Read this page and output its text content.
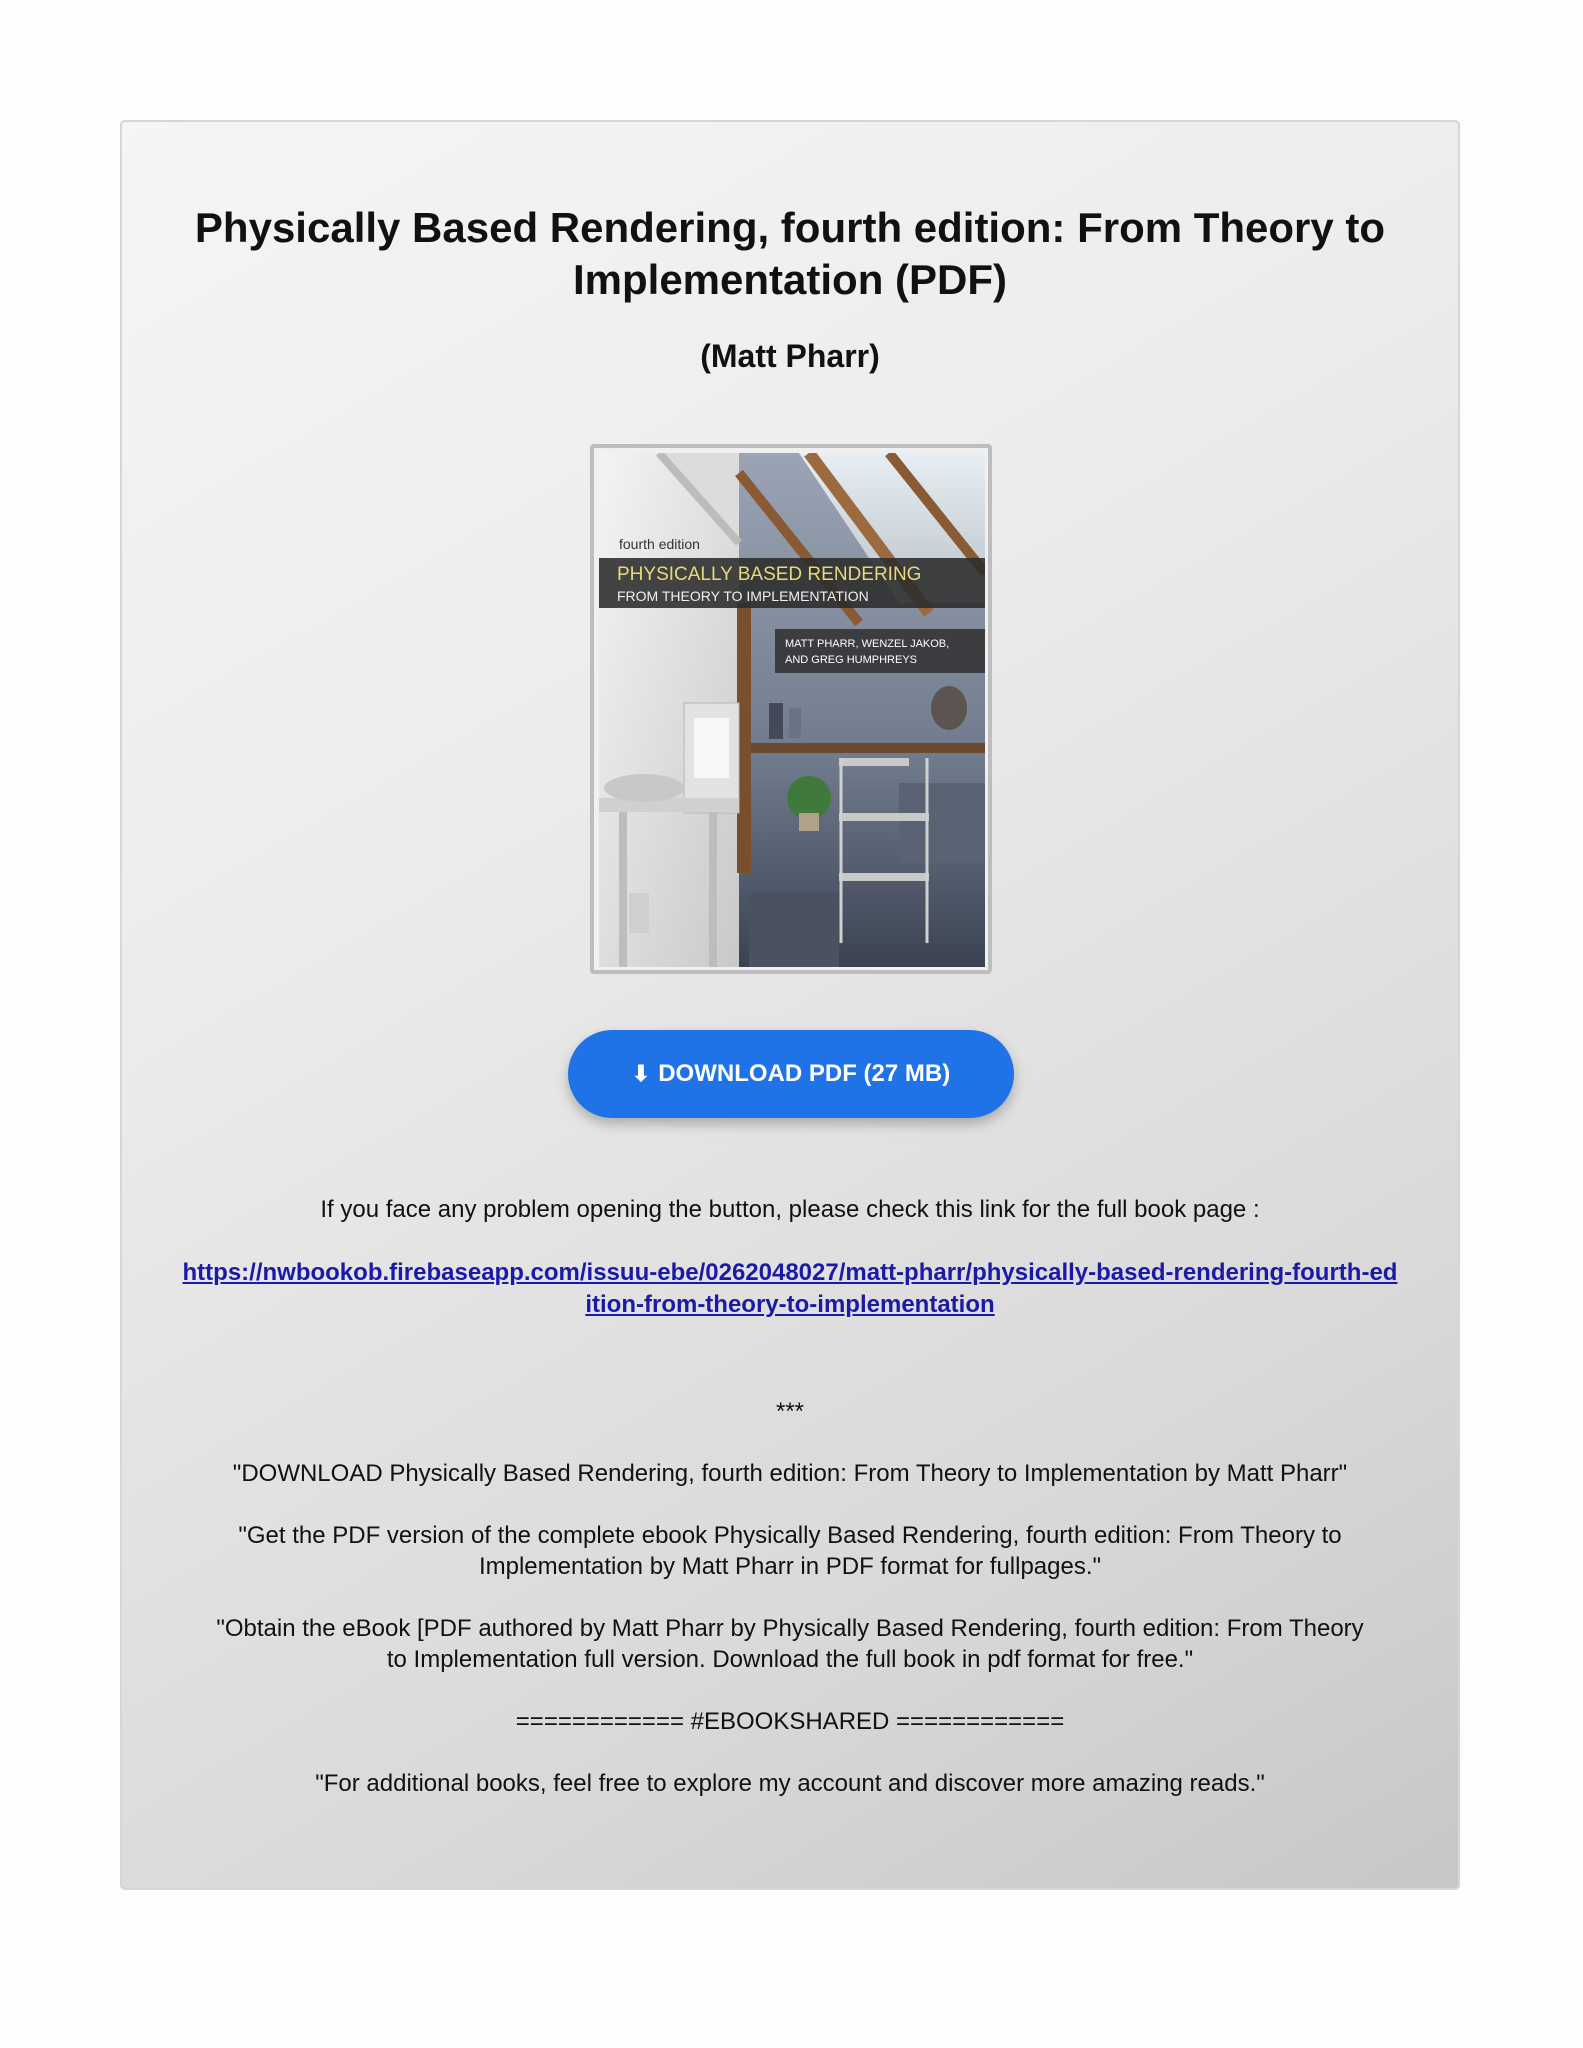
Physically Based Rendering, fourth edition: From Theory to Implementation (PDF)
(Matt Pharr)
fourth edition
PHYSICALLY BASED RENDERING
FROM THEORY TO IMPLEMENTATION
MATT PHARR, WENZEL JAKOB,
AND GREG HUMPHREYS
⬇ DOWNLOAD PDF (27 MB)

If you face any problem opening the button, please check this link for the full book page :

https://nwbookob.firebaseapp.com/issuu-ebe/0262048027/matt-pharr/physically-based-rendering-fourth-edition-from-theory-to-implementation

***

"DOWNLOAD Physically Based Rendering, fourth edition: From Theory to Implementation by Matt Pharr"

"Get the PDF version of the complete ebook Physically Based Rendering, fourth edition: From Theory to Implementation by Matt Pharr in PDF format for fullpages."

"Obtain the eBook [PDF authored by Matt Pharr by Physically Based Rendering, fourth edition: From Theory to Implementation full version. Download the full book in pdf format for free."

============ #EBOOKSHARED ============

"For additional books, feel free to explore my account and discover more amazing reads."
